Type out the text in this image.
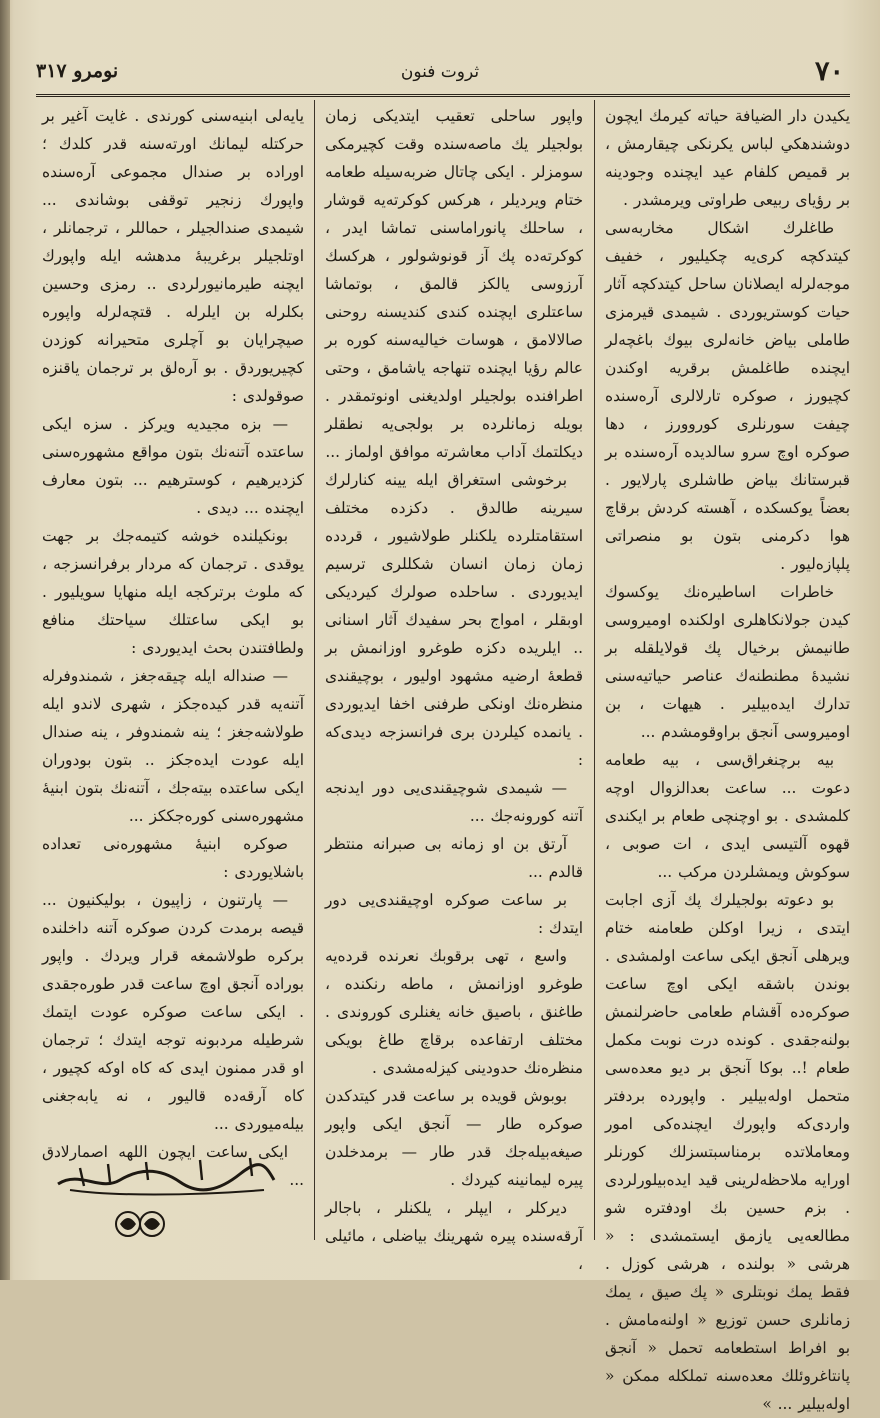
٧٠
ثروت فنون
نومرو ٣١٧

يكيدن دار الضيافة حياته كيرمك ايچون دوشندهكي لباس يكرنكى چيقارمش ، بر قميص كلفام عيد ايچنده وجودينه بر رؤياى ربيعى طراوتى ويرمشدر .

طاغلرك اشكال مخاربه‌سى كيتدكچه كرى‌يه چكيليور ، خفيف موجه‌لرله ايصلانان ساحل كيتدكچه آثار حيات كوستريوردى . شيمدى قيرمزى طاملى بياض خانه‌لرى بيوك باغچه‌لر ايچنده طاغلمش برقريه اوكندن كچيورز ، صوكره تارلالرى آره‌سنده چيفت سورنلرى كوروورز ، دها صوكره اوچ سرو سالديده آره‌سنده بر قبرستانك بياض طاشلرى پارلايور . بعضاً يوكسكده ، آهسته كردش برقاچ هوا دكرمنى بتون بو منصراتى پلپازه‌ليور .

خاطرات اساطيره‌نك يوكسوك كيدن جولانكاهلرى اولكنده اوميروسى طانيمش برخيال پك قولايلقله بر نشيدهٔ مطنطنه‌ك عناصر حياتيه‌سنى تدارك ايده‌بيلير . هيهات ، بن اوميروسى آنجق براوقومشدم ...

بيه برچنغراق‌سى ، بيه طعامه‌ دعوت ... ساعت بعدالزوال اوچه كلمشدى . بو اوچنچى طعام بر ايكندى قهوه آلتيسى ايدى ، ات صوبى ، سوكوش ويمشلردن مركب ...

بو دعوته بولجيلرك پك آزى اجابت ايتدى ، زيرا اوكلن طعامنه ختام ويرهلى آنجق ايكى ساعت اولمشدى . بوندن باشقه ايكى اوچ ساعت صوكره‌ده آقشام طعامى حاضرلنمش بولنه‌جقدى . كونده درت نوبت مكمل طعام !.. بوكا آنجق بر ديو معده‌سى متحمل اوله‌بيلير . واپورده بردفتر واردى‌كه واپورك ايچنده‌كى امور ومعاملاتده برمناسبتسزلك كورنلر اورايه ملاحظه‌لرينى قيد ايده‌بيلورلردى . بزم حسين بك اودفتره شو مطالعه‌يى يازمق ايستمشدى : « هرشى « بولنده ، هرشى كوزل . فقط يمك نوبتلرى « پك صيق ، يمك زمانلرى حسن توزيع « اولنه‌مامش . بو افراط استطعامه تحمل « آنجق پانتاغروئلك معده‌سنه تملكله ممكن « اوله‌بيلير ... »

واپور ساحلى تعقيب ايتديكى زمان بولجيلر يك ماصه‌سنده وقت كچيرمكى سومزلر . ايكى چاتال ضربه‌سيله طعامه ختام ويرديلر ، هركس كوكرته‌يه قوشار ، ساحلك پانوراماسنى تماشا ايدر ، كوكرته‌ده پك آز قونوشولور ، هركسك آرزوسى يالكز قالمق ، بوتماشا ساعتلرى ايچنده كندى كنديسنه روحنى صالالامق ، هوسات خياليه‌سنه كوره بر عالم رؤيا ايچنده تنهاجه ياشامق ، وحتى اطرافنده بولجيلر اولديغنى اونوتمقدر . بويله زمانلرده بر بولجى‌يه نطقلر ديكلتمك آداب معاشرته موافق اولماز ...

برخوشى استغراق ايله يينه كنارلرك سيرينه طالدق . دكزده مختلف استقامتلرده يلكنلر طولاشيور ، قردده زمان زمان انسان شكللرى ترسيم ايديوردى . ساحلده صولرك كيرديكى اوبقلر ، امواج بحر سفيدك آثار اسنانى .. ايلريده دكزه طوغرو اوزانمش بر قطعهٔ ارضيه مشهود اوليور ، بوچيقندى منظره‌نك اونكى طرفنى اخفا ايديوردى . يانمده كيلردن برى فرانسزجه ديدى‌كه :

— شيمدى شوچيقندى‌يى دور ايدنجه آتنه كورونه‌جك ...

آرتق بن او زمانه بى صبرانه منتظر قالدم ...

بر ساعت صوكره اوچيقندى‌يى دور ايتدك :

واسع ، تهى برقوبك نعرنده قرده‌يه طوغرو اوزانمش ، ماطه رنكنده ، طاغنق ، باصيق خانه يغنلرى كوروندى . مختلف ارتفاعده برقاچ طاغ بويكى منظره‌نك حدودينى كيزله‌مشدى .

بوبوش قويده بر ساعت قدر كيتدكدن صوكره طار — آنجق ايكى واپور صيغه‌بيله‌جك قدر طار — برمدخلدن پيره ليمانينه كيردك .

ديركلر ، ايپلر ، يلكنلر ، باجالر آرقه‌سنده پيره شهرينك بياضلى ، مائيلى ،

يايه‌لى ابنيه‌سنى كورندى . غايت آغير بر حركتله ليمانك اورته‌سنه قدر كلدك ؛ اوراده بر صندال مجموعى آره‌سنده واپورك زنجير توقفى بوشاندى ... شيمدى صندالجيلر ، حماللر ، ترجمانلر ، اوتلجيلر برغريبهٔ مدهشه ايله واپورك ايچنه طيرمانيورلردى .. رمزى وحسين بكلرله بن ايلرله . قتچه‌لرله واپوره صيچرايان بو آچلرى متحيرانه كوزدن كچيريوردق . بو آره‌لق بر ترجمان ياقنزه صوقولدى :

— بزه مجيديه ويركز . سزه ايكى ساعتده آتنه‌نك بتون مواقع مشهوره‌سنى كزديرهيم ، كوسترهيم ... بتون معارف ايچنده ... ديدى .

بونكيلنده خوشه كتيمه‌جك بر جهت يوقدى . ترجمان كه مردار برفرانسزجه ، كه ملوث برتركجه ايله منهايا سويليور . بو ايكى ساعتلك سياحتك منافع ولطافتندن بحث ايديوردى :

— صنداله‌ ايله چيقه‌جغز ، شمندوفرله آتنه‌يه قدر كيده‌جكز ، شهرى لاندو ايله طولاشه‌جغز ؛ ينه شمندوفر ، ينه صندال ايله عودت ايده‌جكز .. بتون بودوران ايكى ساعتده بيته‌جك ، آتنه‌نك بتون ابنيهٔ مشهوره‌سنى كوره‌جككز ...

صوكره ابنيهٔ مشهوره‌نى تعداده باشلايوردى :

— پارتنون ، زاپيون ، بوليكنيون ... قيصه برمدت كردن صوكره آتنه داخلنده بركره طولاشمغه قرار ويردك . واپور بوراده آنجق اوچ ساعت قدر طوره‌جقدى . ايكى ساعت صوكره عودت ايتمك شرطيله مردبونه توجه ايتدك ؛ ترجمان او قدر ممنون ايدى كه كاه اوكه كچيور ، كاه آرقه‌ده قاليور ، نه‌ يابه‌جغنى بيله‌ميوردى ...

ايكى ساعت ايچون اللهه اصمارلادق ...
